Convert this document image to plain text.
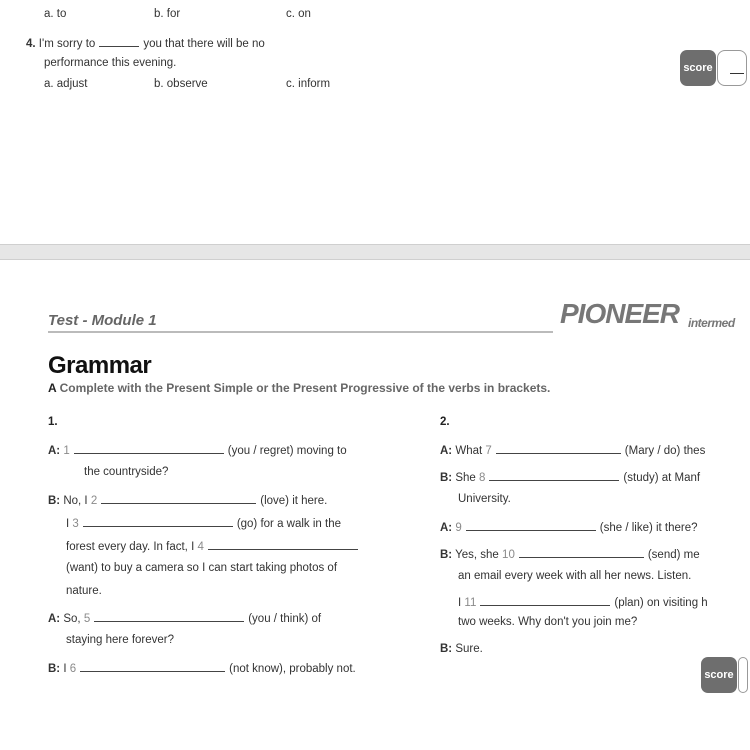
a. to	b. for	c. on
4. I'm sorry to	you that there will be no
performance this evening.
a. adjust	b. observe	c. inform
score
Test - Module 1	PIONEER intermed
Grammar
A Complete with the Present Simple or the Present Progressive of the verbs in brackets.
1.	2.
A: 1	(you / regret) moving to
the countryside?
B: No, I 2	(love) it here.
I 3	(go) for a walk in the
forest every day. In fact, I 4
(want) to buy a camera so I can start taking photos of
nature.
A: So, 5	(you / think) of
staying here forever?
B: I 6	(not know), probably not.
A: What 7	(Mary / do) thes
B: She 8	(study) at Manf
University.
A: 9	(she / like) it there?
B: Yes, she 10	(send) me
an email every week with all her news. Listen.
I 11	(plan) on visiting h
two weeks. Why don't you join me?
B: Sure.
score
